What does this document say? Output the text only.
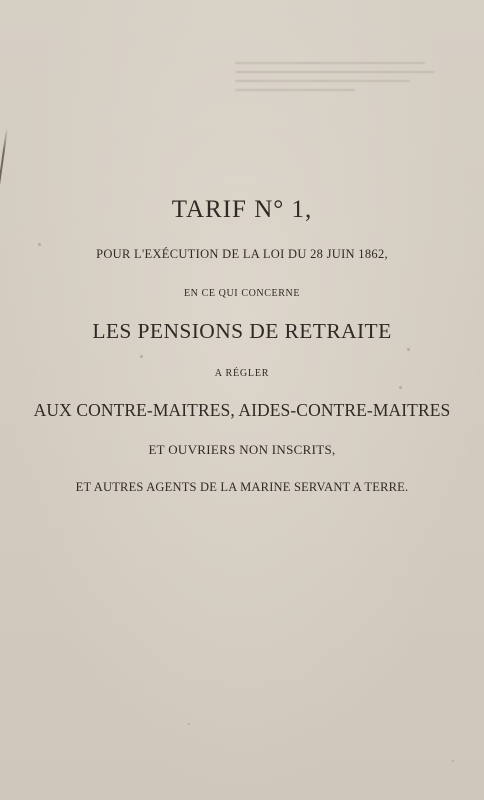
TARIF N° 1,
POUR L'EXÉCUTION DE LA LOI DU 28 JUIN 1862,
EN CE QUI CONCERNE
LES PENSIONS DE RETRAITE
A RÉGLER
AUX CONTRE-MAITRES, AIDES-CONTRE-MAITRES
ET OUVRIERS NON INSCRITS,
ET AUTRES AGENTS DE LA MARINE SERVANT A TERRE.
